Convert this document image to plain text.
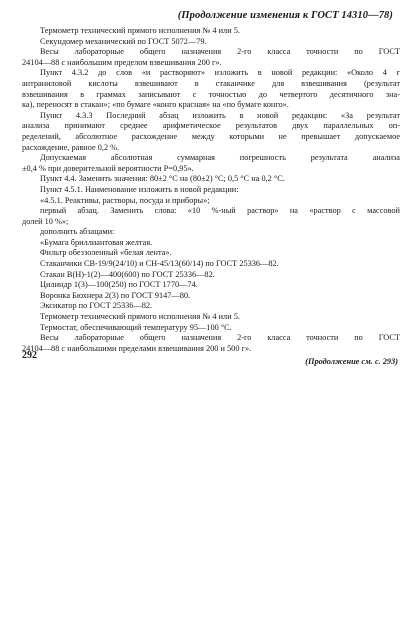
(Продолжение изменения к ГОСТ 14310—78)
Термометр технический прямого исполнения № 4 или 5.
Секундомер механический по ГОСТ 5072—79.
Весы лабораторные общего назначения 2-го класса точности по ГОСТ
24104—88 с наибольшим пределом взвешивания 200 г».
Пункт 4.3.2 до слов «и растворяют» изложить в новой редакции: «Около 4 г
антраниловой кислоты взвешивают в стаканчике для взвешивания (результат
взвешивания в граммах записывают с точностью до четвертого десятичного зна-
ка), переносят в стакан»; «по бумаге «конго красная» на «по бумаге конго».
Пункт 4.3.3 Последний абзац изложить в новой редакции: «За результат
анализа принимают среднее арифметическое результатов двух параллельных оп-
ределений, абсолютное расхождение между которыми не превышает допускаемое
расхождение, равное 0,2 %.
Допускаемая абсолютная суммарная погрешность результата анализа
±0,4 % при доверительной вероятности Р=0,95».
Пункт 4.4. Заменить значения: 80±2 °C на (80±2) °С; 0,5 °С на 0,2 °С.
Пункт 4.5.1. Наименование изложить в новой редакции:
«4.5.1. Реактивы, растворы, посуда и приборы»;
первый абзац. Заменить слова: «10 %-ный раствор» на «раствор с массовой
долей 10 %»;
дополнить абзацами:
«Бумага бриллиантовая желтая.
Фильтр обеззоленный «белая лента».
Стаканчики СВ-19/9(24/10) и СН-45/13(60/14) по ГОСТ 25336—82.
Стакан В(Н)-1(2)—400(600) по ГОСТ 25336—82.
Цилиндр 1(3)—100(250) по ГОСТ 1770—74.
Воронка Бюхнера 2(3) по ГОСТ 9147—80.
Эксикатор по ГОСТ 25336—82.
Термометр технический прямого исполнения № 4 или 5.
Термостат, обеспечивающий температуру 95—100 °С.
Весы лабораторные общего назначения 2-го класса точности по ГОСТ
24104—88 с наибольшими пределами взвешивания 200 и 500 г».
(Продолжение см. с. 293)
292
